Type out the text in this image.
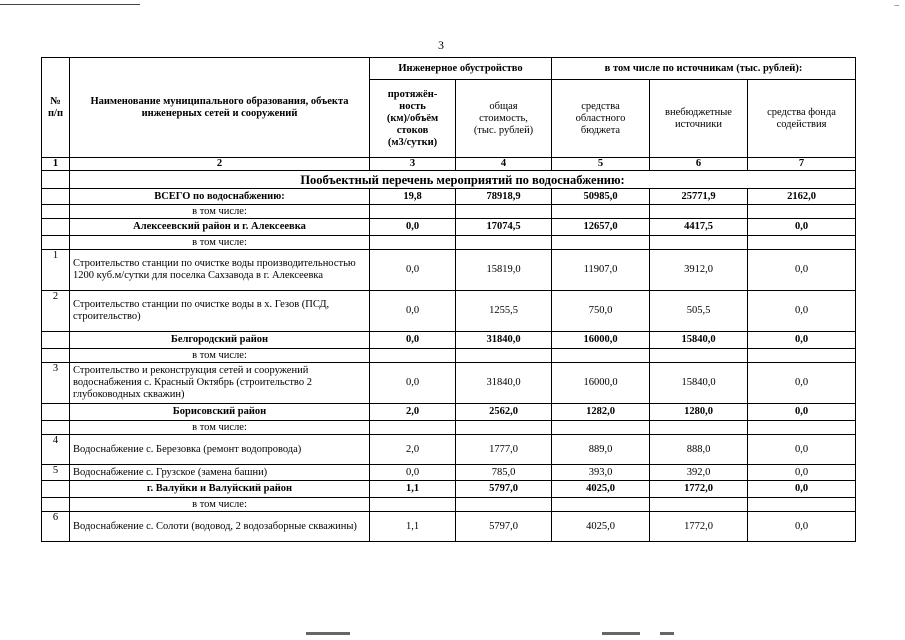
–
3
№
п/п	Наименование муниципального образования, объекта инженерных сетей и сооружений	Инженерное обустройство		в том числе по источникам (тыс. рублей):		
		протяжён-
ность
(км)/объём
стоков
(м3/сутки)	общая
стоимость,
(тыс. рублей)	средства
областного
бюджета	внебюджетные
источники	средства фонда
содействия
1	2	3	4	5	6	7
	Пообъектный перечень мероприятий по водоснабжению:					
	ВСЕГО по водоснабжению:	19,8	78918,9	50985,0	25771,9	2162,0
	в том числе:					
	Алексеевский район и г. Алексеевка	0,0	17074,5	12657,0	4417,5	0,0
	в том числе:					
1	Строительство станции по очистке воды производительностью 1200 куб.м/сутки для поселка Сахзавода в г. Алексеевка	0,0	15819,0	11907,0	3912,0	0,0
2	Строительство станции по очистке воды в х. Гезов (ПСД, строительство)	0,0	1255,5	750,0	505,5	0,0
	Белгородский район	0,0	31840,0	16000,0	15840,0	0,0
	в том числе:					
3	Строительство и реконструкция сетей и сооружений водоснабжения с. Красный Октябрь (строительство 2 глубоководных скважин)	0,0	31840,0	16000,0	15840,0	0,0
	Борисовский район	2,0	2562,0	1282,0	1280,0	0,0
	в том числе:					
4	Водоснабжение с. Березовка (ремонт водопровода)	2,0	1777,0	889,0	888,0	0,0
5	Водоснабжение с. Грузское (замена башни)	0,0	785,0	393,0	392,0	0,0
	г. Валуйки и Валуйский район	1,1	5797,0	4025,0	1772,0	0,0
	в том числе:					
6	Водоснабжение с. Солоти (водовод, 2 водозаборные скважины)	1,1	5797,0	4025,0	1772,0	0,0
